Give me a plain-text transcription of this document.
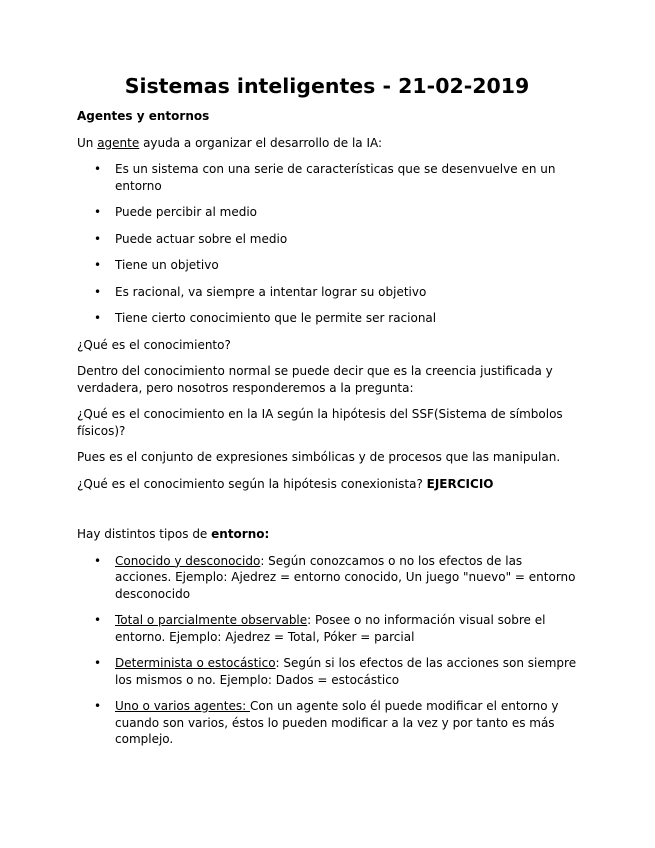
Sistemas inteligentes - 21-02-2019
Agentes y entornos

Un agente ayuda a organizar el desarrollo de la IA:

• Es un sistema con una serie de características que se desenvuelve en un entorno
• Puede percibir al medio
• Puede actuar sobre el medio
• Tiene un objetivo
• Es racional, va siempre a intentar lograr su objetivo
• Tiene cierto conocimiento que le permite ser racional

¿Qué es el conocimiento?

Dentro del conocimiento normal se puede decir que es la creencia justificada y verdadera, pero nosotros responderemos a la pregunta:

¿Qué es el conocimiento en la IA según la hipótesis del SSF(Sistema de símbolos físicos)?

Pues es el conjunto de expresiones simbólicas y de procesos que las manipulan.

¿Qué es el conocimiento según la hipótesis conexionista? EJERCICIO

Hay distintos tipos de entorno:

• Conocido y desconocido: Según conozcamos o no los efectos de las acciones. Ejemplo: Ajedrez = entorno conocido, Un juego "nuevo" = entorno desconocido
• Total o parcialmente observable: Posee o no información visual sobre el entorno. Ejemplo: Ajedrez = Total, Póker = parcial
• Determinista o estocástico: Según si los efectos de las acciones son siempre los mismos o no. Ejemplo: Dados = estocástico
• Uno o varios agentes: Con un agente solo él puede modificar el entorno y cuando son varios, éstos lo pueden modificar a la vez y por tanto es más complejo.
